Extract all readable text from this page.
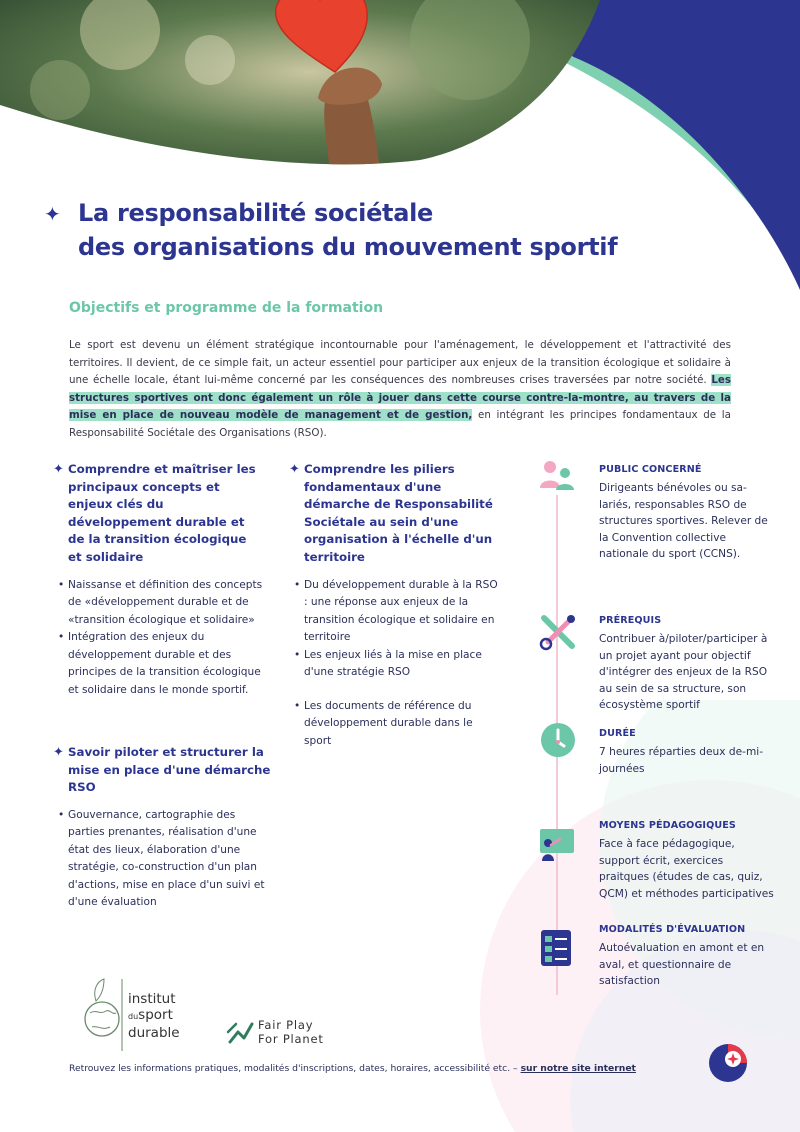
✦ La responsabilité sociétale
des organisations du mouvement sportif
Objectifs et programme de la formation

Le sport est devenu un élément stratégique incontournable pour l'aménagement, le développement et l'attractivité des territoires. Il devient, de ce simple fait, un acteur essentiel pour participer aux enjeux de la transition écologique et solidaire à une échelle locale, étant lui-même concerné par les conséquences des nombreuses crises traversées par notre société. Les structures sportives ont donc également un rôle à jouer dans cette course contre-la-montre, au travers de la mise en place de nouveau modèle de management et de gestion, en intégrant les principes fondamentaux de la Responsabilité Sociétale des Organisations (RSO).

✦ Comprendre et maîtriser les principaux concepts et enjeux clés du développement durable et de la transition écologique et solidaire
• Naissanse et définition des concepts de «développement durable et de «transition écologique et solidaire»
• Intégration des enjeux du développement durable et des principes de la transition écologique et solidaire dans le monde sportif.
✦ Savoir piloter et structurer la mise en place d'une démarche RSO
• Gouvernance, cartographie des parties prenantes, réalisation d'une état des lieux, élaboration d'une stratégie, co-construction d'un plan d'actions, mise en place d'un suivi et d'une évaluation
✦ Comprendre les piliers fondamentaux d'une démarche de Responsabilité Sociétale au sein d'une organisation à l'échelle d'un territoire
• Du développement durable à la RSO : une réponse aux enjeux de la transition écologique et solidaire en territoire
• Les enjeux liés à la mise en place d'une stratégie RSO
• Les documents de référence du développement durable dans le sport
PUBLIC CONCERNÉ
Dirigeants bénévoles ou sa-lariés, responsables RSO de structures sportives. Relever de la Convention collective nationale du sport (CCNS).
PRÉREQUIS
Contribuer à/piloter/participer à un projet ayant pour objectif d'intégrer des enjeux de la RSO au sein de sa structure, son écosystème sportif
DURÉE
7 heures réparties deux de-mi-journées
MOYENS PÉDAGOGIQUES
Face à face pédagogique, support écrit, exercices praitques (études de cas, quiz, QCM) et méthodes participatives
MODALITÉS D'ÉVALUATION
Autoévaluation en amont et en aval, et questionnaire de satisfaction
institut
dusport
durable	Fair Play
For Planet
Retrouvez les informations pratiques, modalités d'inscriptions, dates, horaires, accessibilité etc. – sur notre site internet
